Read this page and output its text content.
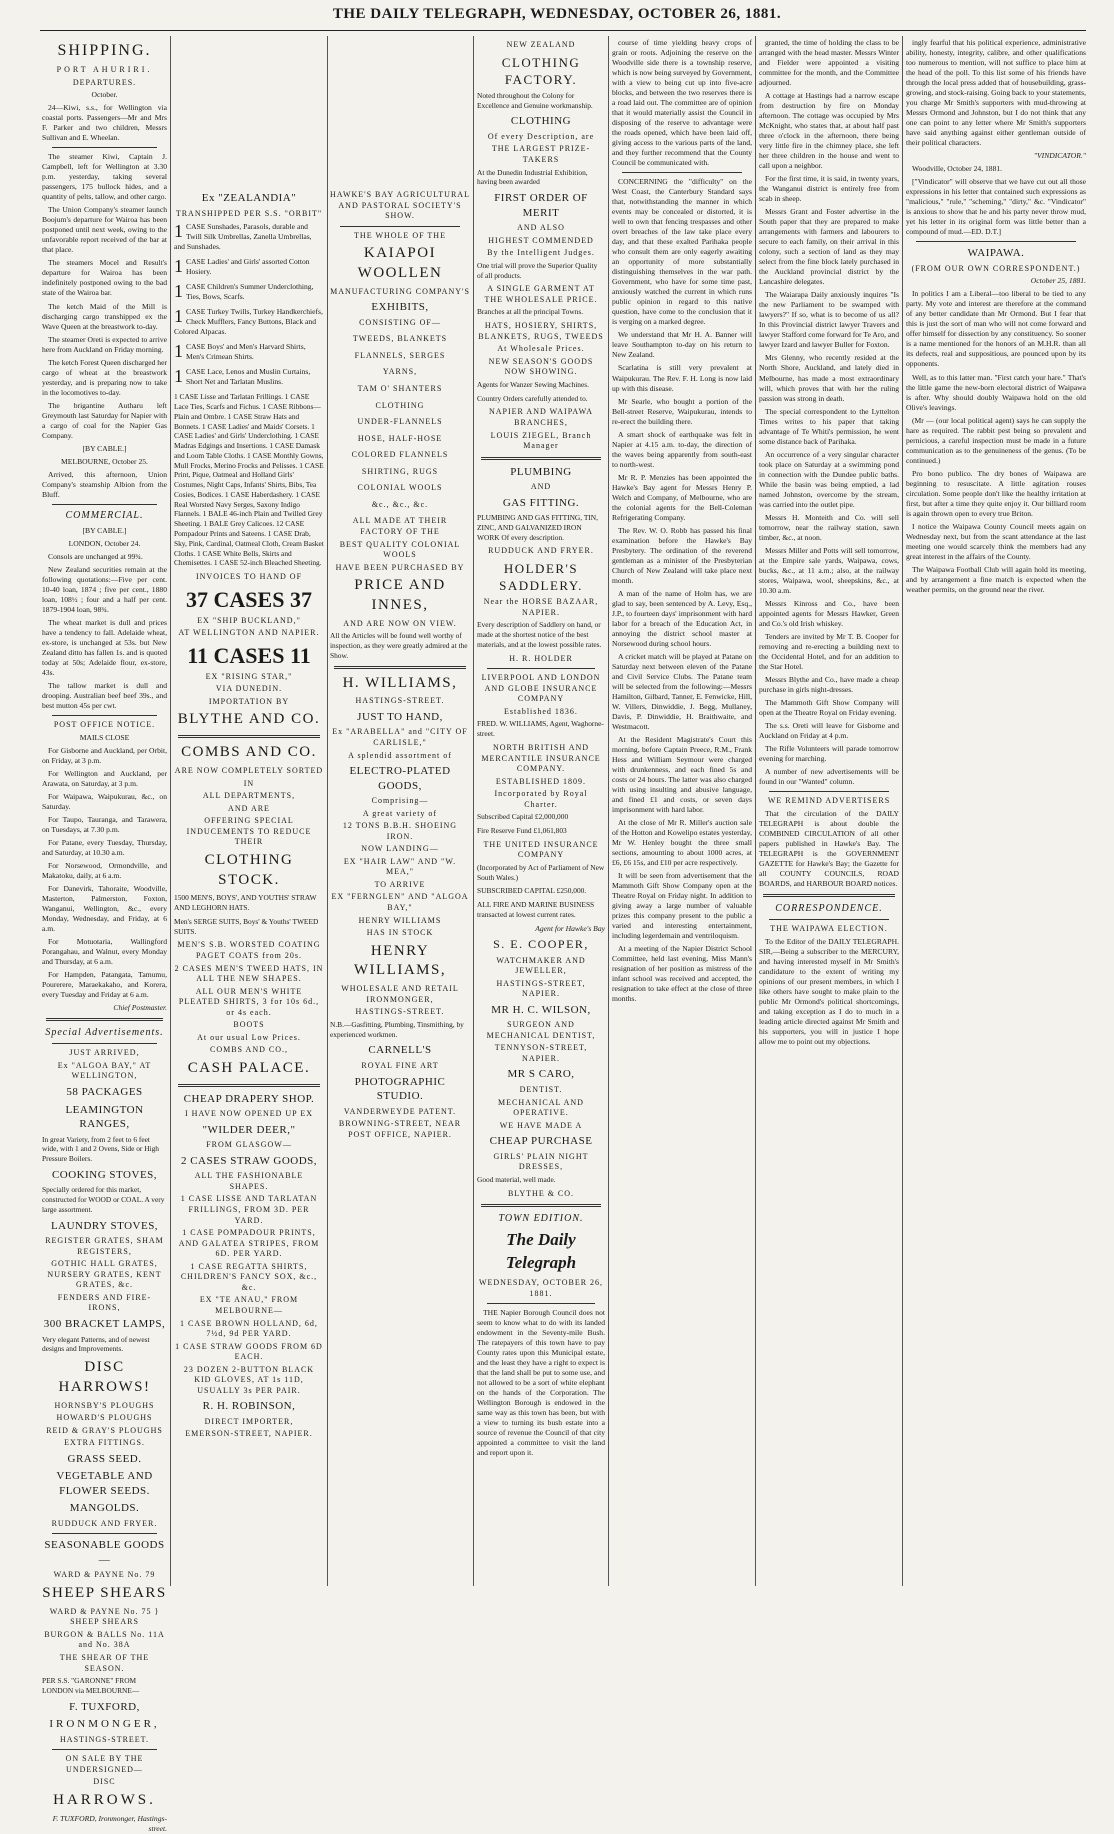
THE DAILY TELEGRAPH, WEDNESDAY, OCTOBER 26, 1881.
SHIPPING.
PORT AHURIRI.
DEPARTURES.

October.

24—Kiwi, s.s., for Wellington via coastal ports. Passengers—Mr and Mrs F. Parker and two children, Messrs Sullivan and E. Wheelan.

The steamer Kiwi, Captain J. Campbell, left for Wellington at 3.30 p.m. yesterday, taking several passengers, 175 bullock hides, and a quantity of pelts, tallow, and other cargo.

The Union Company's steamer launch Boojum's departure for Wairoa has been postponed until next week, owing to the unfavorable report received of the bar at that place.

The steamers Mocel and Result's departure for Wairoa has been indefinitely postponed owing to the bad state of the Wairoa bar.

The ketch Maid of the Mill is discharging cargo transhipped ex the Wave Queen at the breastwork to-day.

The steamer Oreti is expected to arrive here from Auckland on Friday morning.

The ketch Forest Queen discharged her cargo of wheat at the breastwork yesterday, and is preparing now to take in the locomotives to-day.

The brigantine Autharu left Greymouth last Saturday for Napier with a cargo of coal for the Napier Gas Company.

[BY CABLE.]

MELBOURNE, October 25.

Arrived, this afternoon, Union Company's steamship Albion from the Bluff.

COMMERCIAL.

[BY CABLE.]

LONDON, October 24.

Consols are unchanged at 99¾.

New Zealand securities remain at the following quotations:—Five per cent. 10-40 loan, 1874 ; five per cent., 1880 loan, 108½ ; four and a half per cent. 1879-1904 loan, 98¾.

The wheat market is dull and prices have a tendency to fall. Adelaide wheat, ex-store, is unchanged at 53s. but New Zealand ditto has fallen 1s. and is quoted today at 50s; Adelaide flour, ex-store, 43s.

The tallow market is dull and drooping. Australian beef beef 39s., and best mutton 45s per cwt.

POST OFFICE NOTICE.

MAILS CLOSE

For Gisborne and Auckland, per Orbit, on Friday, at 3 p.m.

For Wellington and Auckland, per Arawata, on Saturday, at 3 p.m.

For Waipawa, Waipukurau, &c., on Saturday.

For Taupo, Tauranga, and Tarawera, on Tuesdays, at 7.30 p.m.

For Patane, every Tuesday, Thursday, and Saturday, at 10.30 a.m.

For Norsewood, Ormondville, and Makatoku, daily, at 6 a.m.

For Danevirk, Tahoraite, Woodville, Masterton, Palmerston, Foxton, Wanganui, Wellington, &c., every Monday, Wednesday, and Friday, at 6 a.m.

For Motuotaria, Wallingford Porangahau, and Walnut, every Monday and Thursday, at 6 a.m.

For Hampden, Patangata, Tamumu, Pourerere, Maraekakaho, and Korera, every Tuesday and Friday at 6 a.m.

Chief Postmaster.

Special Advertisements.
JUST ARRIVED,
Ex "ALGOA BAY," AT WELLINGTON,
58 PACKAGES
LEAMINGTON RANGES,

In great Variety, from 2 feet to 6 feet wide, with 1 and 2 Ovens, Side or High Pressure Boilers.

COOKING STOVES,

Specially ordered for this market, constructed for WOOD or COAL. A very large assortment.

LAUNDRY STOVES,
REGISTER GRATES, SHAM REGISTERS,
GOTHIC HALL GRATES, NURSERY GRATES, KENT GRATES, &c.
FENDERS AND FIRE-IRONS,
300 BRACKET LAMPS,

Very elegant Patterns, and of newest designs and Improvements.

DISC HARROWS!
HORNSBY'S PLOUGHS
HOWARD'S PLOUGHS
REID & GRAY'S PLOUGHS
EXTRA FITTINGS.
GRASS SEED.
VEGETABLE AND FLOWER SEEDS.
MANGOLDS.
RUDDUCK AND FRYER.
SEASONABLE GOODS—
WARD & PAYNE No. 79
SHEEP SHEARS
WARD & PAYNE No. 75 } SHEEP SHEARS
BURGON & BALLS No. 11A and No. 38A
THE SHEAR OF THE SEASON.

PER S.S. "GARONNE" FROM LONDON via MELBOURNE—

F. TUXFORD,
IRONMONGER,
HASTINGS-STREET.
ON SALE BY THE UNDERSIGNED—
DISC
HARROWS.

F. TUXFORD, Ironmonger, Hastings-street.

Ex "ZEALANDIA"
TRANSHIPPED PER S.S. "ORBIT"
1 CASE Sunshades, Parasols, durable and Twill Silk Umbrellas, Zanella Umbrellas, and Sunshades.
1 CASE Ladies' and Girls' assorted Cotton Hosiery.
1 CASE Children's Summer Underclothing, Ties, Bows, Scarfs.
1 CASE Turkey Twills, Turkey Handkerchiefs, Check Mufflers, Fancy Buttons, Black and Colored Alpacas.
1 CASE Boys' and Men's Harvard Shirts, Men's Crimean Shirts.
1 CASE Lace, Lenos and Muslin Curtains, Short Net and Tarlatan Muslins.

1 CASE Lisse and Tarlatan Frillings. 1 CASE Lace Ties, Scarfs and Fichus. 1 CASE Ribbons—Plain and Ombre. 1 CASE Straw Hats and Bonnets. 1 CASE Ladies' and Maids' Corsets. 1 CASE Ladies' and Girls' Underclothing. 1 CASE Madras Edgings and Insertions. 1 CASE Damask and Loom Table Cloths. 1 CASE Monthly Gowns, Mull Frocks, Merino Frocks and Pelisses. 1 CASE Print, Pique, Oatmeal and Holland Girls' Costumes, Night Caps, Infants' Shirts, Bibs, Tea Cosies, Bodices. 1 CASE Haberdashery. 1 CASE Real Worsted Navy Serges, Saxony Indigo Flannels. 1 BALE 46-inch Plain and Twilled Grey Sheeting. 1 BALE Grey Calicoes. 12 CASE Pompadour Prints and Sateens. 1 CASE Drab, Sky, Pink, Cardinal, Oatmeal Cloth, Cream Basket Cloths. 1 CASE White Bells, Skirts and Chemisettes. 1 CASE 52-inch Bleached Sheeting.

INVOICES TO HAND OF
37 CASES 37
EX "SHIP BUCKLAND,"
AT WELLINGTON AND NAPIER.
11 CASES 11
EX "RISING STAR,"
VIA DUNEDIN.
IMPORTATION BY
BLYTHE AND CO.
COMBS AND CO.
ARE NOW COMPLETELY SORTED
IN
ALL DEPARTMENTS,
AND ARE
OFFERING SPECIAL INDUCEMENTS TO REDUCE THEIR
CLOTHING STOCK.

1500 MEN'S, BOYS', AND YOUTHS' STRAW AND LEGHORN HATS.

Men's SERGE SUITS, Boys' & Youths' TWEED SUITS.

MEN'S S.B. WORSTED COATING PAGET COATS from 20s.
2 CASES MEN'S TWEED HATS, IN ALL THE NEW SHAPES.
ALL OUR MEN'S WHITE PLEATED SHIRTS, 3 for 10s 6d., or 4s each.
BOOTS
At our usual Low Prices.
COMBS AND CO.,
CASH PALACE.
CHEAP DRAPERY SHOP.
I HAVE NOW OPENED UP EX
"WILDER DEER,"
FROM GLASGOW—
2 CASES STRAW GOODS,
ALL THE FASHIONABLE SHAPES.
1 CASE LISSE AND TARLATAN FRILLINGS, FROM 3D. PER YARD.
1 CASE POMPADOUR PRINTS, AND GALATEA STRIPES, FROM 6D. PER YARD.
1 CASE REGATTA SHIRTS, CHILDREN'S FANCY SOX, &c., &c.
EX "TE ANAU," FROM MELBOURNE—
1 CASE BROWN HOLLAND, 6d, 7½d, 9d PER YARD.
1 CASE STRAW GOODS FROM 6D EACH.
23 DOZEN 2-BUTTON BLACK KID GLOVES, AT 1s 11D, USUALLY 3s PER PAIR.
R. H. ROBINSON,
DIRECT IMPORTER,
EMERSON-STREET, NAPIER.
HAWKE'S BAY AGRICULTURAL AND PASTORAL SOCIETY'S SHOW.
THE WHOLE OF THE
KAIAPOI WOOLLEN
MANUFACTURING COMPANY'S
EXHIBITS,
CONSISTING OF—
TWEEDS, BLANKETS
FLANNELS, SERGES
YARNS,
TAM O' SHANTERS
CLOTHING
UNDER-FLANNELS
HOSE, HALF-HOSE
COLORED FLANNELS
SHIRTING, RUGS
COLONIAL WOOLS
&c., &c., &c.
ALL MADE AT THEIR FACTORY OF THE
BEST QUALITY COLONIAL WOOLS
HAVE BEEN PURCHASED BY
PRICE AND INNES,
AND ARE NOW ON VIEW.

All the Articles will be found well worthy of inspection, as they were greatly admired at the Show.

H. WILLIAMS,
HASTINGS-STREET.
JUST TO HAND,
Ex "ARABELLA" and "CITY OF CARLISLE,"
A splendid assortment of
ELECTRO-PLATED GOODS,
Comprising—
A great variety of
12 TONS B.B.H. SHOEING IRON.
NOW LANDING—
EX "HAIR LAW" AND "W. MEA,"
TO ARRIVE
EX "FERNGLEN" AND "ALGOA BAY,"
HENRY WILLIAMS
HAS IN STOCK
HENRY WILLIAMS,
WHOLESALE AND RETAIL IRONMONGER,
HASTINGS-STREET.

N.B.—Gasfitting, Plumbing, Tinsmithing, by experienced workmen.

CARNELL'S
ROYAL FINE ART
PHOTOGRAPHIC STUDIO.
VANDERWEYDE PATENT.
BROWNING-STREET, NEAR POST OFFICE, NAPIER.
NEW ZEALAND
CLOTHING FACTORY.

Noted throughout the Colony for Excellence and Genuine workmanship.

CLOTHING
Of every Description, are
THE LARGEST PRIZE-TAKERS

At the Dunedin Industrial Exhibition, having been awarded

FIRST ORDER OF MERIT
AND ALSO
HIGHEST COMMENDED
By the Intelligent Judges.

One trial will prove the Superior Quality of all products.

A SINGLE GARMENT AT THE WHOLESALE PRICE.

Branches at all the principal Towns.

HATS, HOSIERY, SHIRTS, BLANKETS, RUGS, TWEEDS
At Wholesale Prices.
NEW SEASON'S GOODS NOW SHOWING.

Agents for Wanzer Sewing Machines.

Country Orders carefully attended to.

NAPIER AND WAIPAWA BRANCHES,
LOUIS ZIEGEL, Branch Manager
PLUMBING
AND
GAS FITTING.

PLUMBING AND GAS FITTING, TIN, ZINC, AND GALVANIZED IRON WORK Of every description.

RUDDUCK AND FRYER.
HOLDER'S SADDLERY.
Near the HORSE BAZAAR, NAPIER.

Every description of Saddlery on hand, or made at the shortest notice of the best materials, and at the lowest possible rates.

H. R. HOLDER
LIVERPOOL AND LONDON AND GLOBE INSURANCE COMPANY
Established 1836.

FRED. W. WILLIAMS, Agent, Waghorne-street.

NORTH BRITISH AND MERCANTILE INSURANCE COMPANY.
ESTABLISHED 1809.
Incorporated by Royal Charter.

Subscribed Capital £2,000,000

Fire Reserve Fund £1,061,803

THE UNITED INSURANCE COMPANY

(Incorporated by Act of Parliament of New South Wales.)

SUBSCRIBED CAPITAL £250,000.

ALL FIRE AND MARINE BUSINESS transacted at lowest current rates.

Agent for Hawke's Bay

S. E. COOPER,
WATCHMAKER AND JEWELLER,
HASTINGS-STREET, NAPIER.
MR H. C. WILSON,
SURGEON AND MECHANICAL DENTIST,
TENNYSON-STREET, NAPIER.
MR S CARO,
DENTIST.
MECHANICAL AND OPERATIVE.
WE HAVE MADE A
CHEAP PURCHASE
GIRLS' PLAIN NIGHT DRESSES,

Good material, well made.

BLYTHE & CO.
TOWN EDITION.
The Daily Telegraph
WEDNESDAY, OCTOBER 26, 1881.

THE Napier Borough Council does not seem to know what to do with its landed endowment in the Seventy-mile Bush. The ratepayers of this town have to pay County rates upon this Municipal estate, and the least they have a right to expect is that the land shall be put to some use, and not allowed to be a sort of white elephant on the hands of the Corporation. The Wellington Borough is endowed in the same way as this town has been, but with a view to turning its bush estate into a source of revenue the Council of that city appointed a committee to visit the land and report upon it.

course of time yielding heavy crops of grain or roots. Adjoining the reserve on the Woodville side there is a township reserve, which is now being surveyed by Government, with a view to being cut up into five-acre blocks, and between the two reserves there is a road laid out. The committee are of opinion that it would materially assist the Council in disposing of the reserve to advantage were the roads opened, which have been laid off, giving access to the various parts of the land, and they further recommend that the County Council be communicated with.

CONCERNING the "difficulty" on the West Coast, the Canterbury Standard says that, notwithstanding the manner in which events may be concealed or distorted, it is well to own that fencing trespasses and other overt breaches of the law take place every day, and that these exalted Parihaka people who consult them are only eagerly awaiting an opportunity of more substantially distinguishing themselves in the war path. Government, who have for some time past, anxiously watched the current in which runs public opinion in regard to this native question, have come to the conclusion that it is verging on a marked degree.

We understand that Mr H. A. Banner will leave Southampton to-day on his return to New Zealand.

Scarlatina is still very prevalent at Waipukurau. The Rev. F. H. Long is now laid up with this disease.

Mr Searle, who bought a portion of the Bell-street Reserve, Waipukurau, intends to re-erect the building there.

A smart shock of earthquake was felt in Napier at 4.15 a.m. to-day, the direction of the waves being apparently from south-east to north-west.

Mr R. P. Menzies has been appointed the Hawke's Bay agent for Messrs Henry P. Welch and Company, of Melbourne, who are the colonial agents for the Bell-Coleman Refrigerating Company.

The Rev. W. O. Robb has passed his final examination before the Hawke's Bay Presbytery. The ordination of the reverend gentleman as a minister of the Presbyterian Church of New Zealand will take place next month.

A man of the name of Holm has, we are glad to say, been sentenced by A. Levy, Esq., J.P., to fourteen days' imprisonment with hard labor for a breach of the Education Act, in annoying the district school master at Norsewood during school hours.

A cricket match will be played at Patane on Saturday next between eleven of the Patane and Civil Service Clubs. The Patane team will be selected from the following:—Messrs Hamilton, Gilbard, Tanner, E. Fenwicke, Hill, W. Villers, Dinwiddie, J. Begg, Mullaney, Davis, P. Dinwiddie, H. Braithwaite, and Westmacott.

At the Resident Magistrate's Court this morning, before Captain Preece, R.M., Frank Hess and William Seymour were charged with drunkenness, and each fined 5s and costs or 24 hours. The latter was also charged with using insulting and abusive language, and fined £1 and costs, or seven days imprisonment with hard labor.

At the close of Mr R. Miller's auction sale of the Hotton and Kowelipo estates yesterday, Mr W. Henley bought the three small sections, amounting to about 1000 acres, at £6, £6 15s, and £10 per acre respectively.

It will be seen from advertisement that the Mammoth Gift Show Company open at the Theatre Royal on Friday night. In addition to giving away a large number of valuable prizes this company present to the public a varied and interesting entertainment, including legerdemain and ventriloquism.

At a meeting of the Napier District School Committee, held last evening, Miss Mann's resignation of her position as mistress of the infant school was received and accepted, the resignation to take effect at the close of three months.

granted, the time of holding the class to be arranged with the head master. Messrs Winter and Fielder were appointed a visiting committee for the month, and the Committee adjourned.

A cottage at Hastings had a narrow escape from destruction by fire on Monday afternoon. The cottage was occupied by Mrs McKnight, who states that, at about half past three o'clock in the afternoon, there being very little fire in the chimney place, she left her three children in the house and went to call upon a neighbor.

For the first time, it is said, in twenty years, the Wanganui district is entirely free from scab in sheep.

Messrs Grant and Foster advertise in the South paper that they are prepared to make arrangements with farmers and labourers to secure to each family, on their arrival in this colony, such a section of land as they may select from the fine block lately purchased in the Auckland provincial district by the Lancashire delegates.

The Waiarapa Daily anxiously inquires "Is the new Parliament to be swamped with lawyers?" If so, what is to become of us all? In this Provincial district lawyer Travers and lawyer Stafford come forward for Te Aro, and lawyer Izard and lawyer Buller for Foxton.

Mrs Glenny, who recently resided at the North Shore, Auckland, and lately died in Melbourne, has made a most extraordinary will, which proves that with her the ruling passion was strong in death.

The special correspondent to the Lyttelton Times writes to his paper that taking advantage of Te Whiti's permission, he went some distance back of Parihaka.

An occurrence of a very singular character took place on Saturday at a swimming pond in connection with the Dundee public baths. While the basin was being emptied, a lad named Johnston, overcome by the stream, was carried into the outlet pipe.

Messrs H. Monteith and Co. will sell tomorrow, near the railway station, sawn timber, &c., at noon.

Messrs Miller and Potts will sell tomorrow, at the Empire sale yards, Waipawa, cows, bucks, &c., at 11 a.m.; also, at the railway stores, Waipawa, wool, sheepskins, &c., at 10.30 a.m.

Messrs Kinross and Co., have been appointed agents for Messrs Hawker, Green and Co.'s old Irish whiskey.

Tenders are invited by Mr T. B. Cooper for removing and re-erecting a building next to the Occidental Hotel, and for an addition to the Star Hotel.

Messrs Blythe and Co., have made a cheap purchase in girls night-dresses.

The Mammoth Gift Show Company will open at the Theatre Royal on Friday evening.

The s.s. Oreti will leave for Gisborne and Auckland on Friday at 4 p.m.

The Rifle Volunteers will parade tomorrow evening for marching.

A number of new advertisements will be found in our "Wanted" column.

WE REMIND ADVERTISERS

That the circulation of the DAILY TELEGRAPH is about double the COMBINED CIRCULATION of all other papers published in Hawke's Bay. The TELEGRAPH is the GOVERNMENT GAZETTE for Hawke's Bay; the Gazette for all COUNTY COUNCILS, ROAD BOARDS, and HARBOUR BOARD notices.

CORRESPONDENCE.
THE WAIPAWA ELECTION.

To the Editor of the DAILY TELEGRAPH. SIR,—Being a subscriber to the MERCURY, and having interested myself in Mr Smith's candidature to the extent of writing my opinions of our present members, in which I like others have sought to make plain to the public Mr Ormond's political shortcomings, and taking exception as I do to much in a leading article directed against Mr Smith and his supporters, you will in justice I hope allow me to point out my objections.

ingly fearful that his political experience, administrative ability, honesty, integrity, calibre, and other qualifications too numerous to mention, will not suffice to place him at the head of the poll. To this list some of his friends have through the local press added that of housebuilding, grass-growing, and stock-raising. Going back to your statements, you charge Mr Smith's supporters with mud-throwing at Messrs Ormond and Johnston, but I do not think that any one can point to any letter where Mr Smith's supporters have said anything against either gentleman outside of their political characters.

"VINDICATOR."

Woodville, October 24, 1881.

["Vindicator" will observe that we have cut out all those expressions in his letter that contained such expressions as "malicious," "rule," "scheming," "dirty," &c. "Vindicator" is anxious to show that he and his party never throw mud, yet his letter in its original form was little better than a compound of mud.—ED. D.T.]

WAIPAWA.
(FROM OUR OWN CORRESPONDENT.)

October 25, 1881.

In politics I am a Liberal—too liberal to be tied to any party. My vote and interest are therefore at the command of any better candidate than Mr Ormond. But I fear that this is just the sort of man who will not come forward and offer himself for dissection by any constituency. So sooner is a name mentioned for the honors of an M.H.R. than all its defects, real and suppositious, are pounced upon by its opponents.

Well, as to this latter man. "First catch your hare." That's the little game the new-born electoral district of Waipawa is after. Why should doubly Waipawa hold on the old Olive's leavings.

(Mr — (our local political agent) says he can supply the hare as required. The rabbit pest being so prevalent and pernicious, a careful inspection must be made in a future communication as to the genuineness of the genus. (To be continued.)

Pro bono publico. The dry bones of Waipawa are beginning to resuscitate. A little agitation rouses circulation. Some people don't like the healthy irritation at first, but after a time they quite enjoy it. Our billiard room is again thrown open to every true Briton.

I notice the Waipawa County Council meets again on Wednesday next, but from the scant attendance at the last meeting one would scarcely think the members had any great interest in the affairs of the County.

The Waipawa Football Club will again hold its meeting, and by arrangement a fine match is expected when the weather permits, on the ground near the river.
